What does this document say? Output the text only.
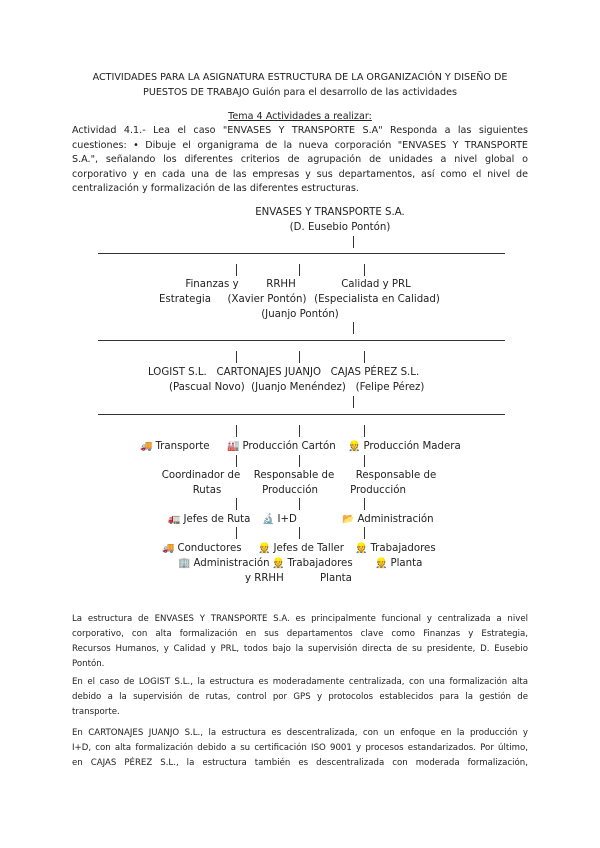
ACTIVIDADES PARA LA ASIGNATURA ESTRUCTURA DE LA ORGANIZACIÓN Y DISEÑO DE
PUESTOS DE TRABAJO Guión para el desarrollo de las actividades
Tema 4 Actividades a realizar:
Actividad 4.1.- Lea el caso "ENVASES Y TRANSPORTE S.A" Responda a las siguientes
cuestiones: • Dibuje el organigrama de la nueva corporación "ENVASES Y TRANSPORTE
S.A.", señalando los diferentes criterios de agrupación de unidades a nivel global o
corporativo y en cada una de las empresas y sus departamentos, así como el nivel de
centralización y formalización de las diferentes estructuras.
ENVASES Y TRANSPORTE S.A.
(D. Eusebio Pontón)
Finanzas y
Estrategia
RRHH
(Xavier Pontón)
(Juanjo Pontón)
Calidad y PRL
(Especialista en Calidad)
LOGIST S.L.   CARTONAJES JUANJO   CAJAS PÉREZ S.L.
(Pascual Novo)  (Juanjo Menéndez)   (Felipe Pérez)
🚚 Transporte 🏭 Producción Cartón 👷 Producción Madera
Coordinador de
Rutas
Responsable de
Producción
Responsable de
Producción
🚛 Jefes de Ruta 🔬 I+D	📂 Administración
🚚 Conductores 👷 Jefes de Taller 👷 Trabajadores
🏢 Administración
y RRHH
👷 Trabajadores
Planta
👷 Planta
La estructura de ENVASES Y TRANSPORTE S.A. es principalmente funcional y centralizada a nivel
corporativo, con alta formalización en sus departamentos clave como Finanzas y Estrategia,
Recursos Humanos, y Calidad y PRL, todos bajo la supervisión directa de su presidente, D. Eusebio
Pontón.
En el caso de LOGIST S.L., la estructura es moderadamente centralizada, con una formalización alta
debido a la supervisión de rutas, control por GPS y protocolos establecidos para la gestión de
transporte.
En CARTONAJES JUANJO S.L., la estructura es descentralizada, con un enfoque en la producción y
I+D, con alta formalización debido a su certificación ISO 9001 y procesos estandarizados. Por último,
en CAJAS PÉREZ S.L., la estructura también es descentralizada con moderada formalización,
